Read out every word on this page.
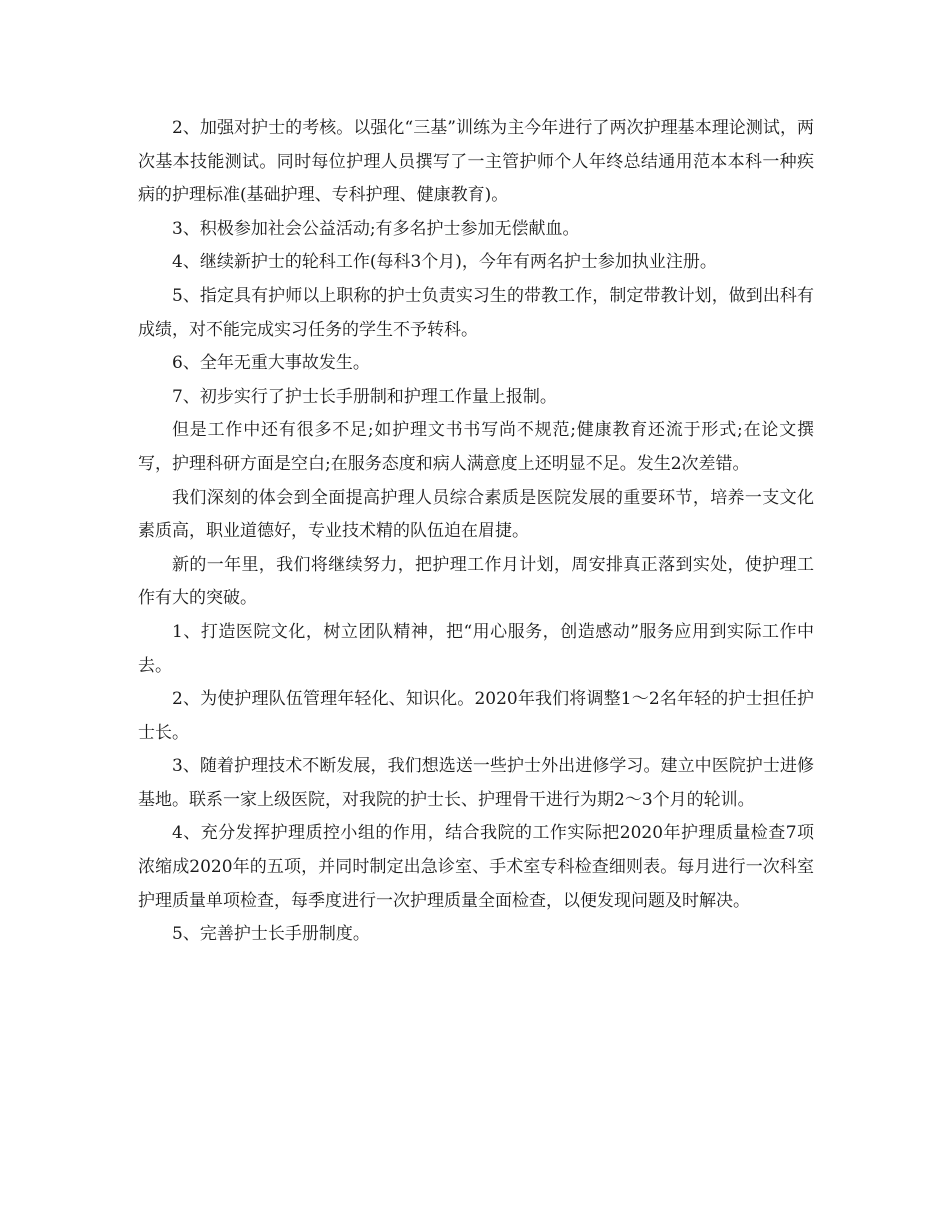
2、加强对护士的考核。以强化“三基”训练为主今年进行了两次护理基本理论测试，两次基本技能测试。同时每位护理人员撰写了一主管护师个人年终总结通用范本本科一种疾病的护理标准(基础护理、专科护理、健康教育)。

3、积极参加社会公益活动;有多名护士参加无偿献血。

4、继续新护士的轮科工作(每科3个月)，今年有两名护士参加执业注册。

5、指定具有护师以上职称的护士负责实习生的带教工作，制定带教计划，做到出科有成绩，对不能完成实习任务的学生不予转科。

6、全年无重大事故发生。

7、初步实行了护士长手册制和护理工作量上报制。

但是工作中还有很多不足;如护理文书书写尚不规范;健康教育还流于形式;在论文撰写，护理科研方面是空白;在服务态度和病人满意度上还明显不足。发生2次差错。

我们深刻的体会到全面提高护理人员综合素质是医院发展的重要环节，培养一支文化素质高，职业道德好，专业技术精的队伍迫在眉捷。

新的一年里，我们将继续努力，把护理工作月计划，周安排真正落到实处，使护理工作有大的突破。

1、打造医院文化，树立团队精神，把“用心服务，创造感动”服务应用到实际工作中去。

2、为使护理队伍管理年轻化、知识化。2020年我们将调整1～2名年轻的护士担任护士长。

3、随着护理技术不断发展，我们想选送一些护士外出进修学习。建立中医院护士进修基地。联系一家上级医院，对我院的护士长、护理骨干进行为期2～3个月的轮训。

4、充分发挥护理质控小组的作用，结合我院的工作实际把2020年护理质量检查7项浓缩成2020年的五项，并同时制定出急诊室、手术室专科检查细则表。每月进行一次科室护理质量单项检查，每季度进行一次护理质量全面检查，以便发现问题及时解决。

5、完善护士长手册制度。
